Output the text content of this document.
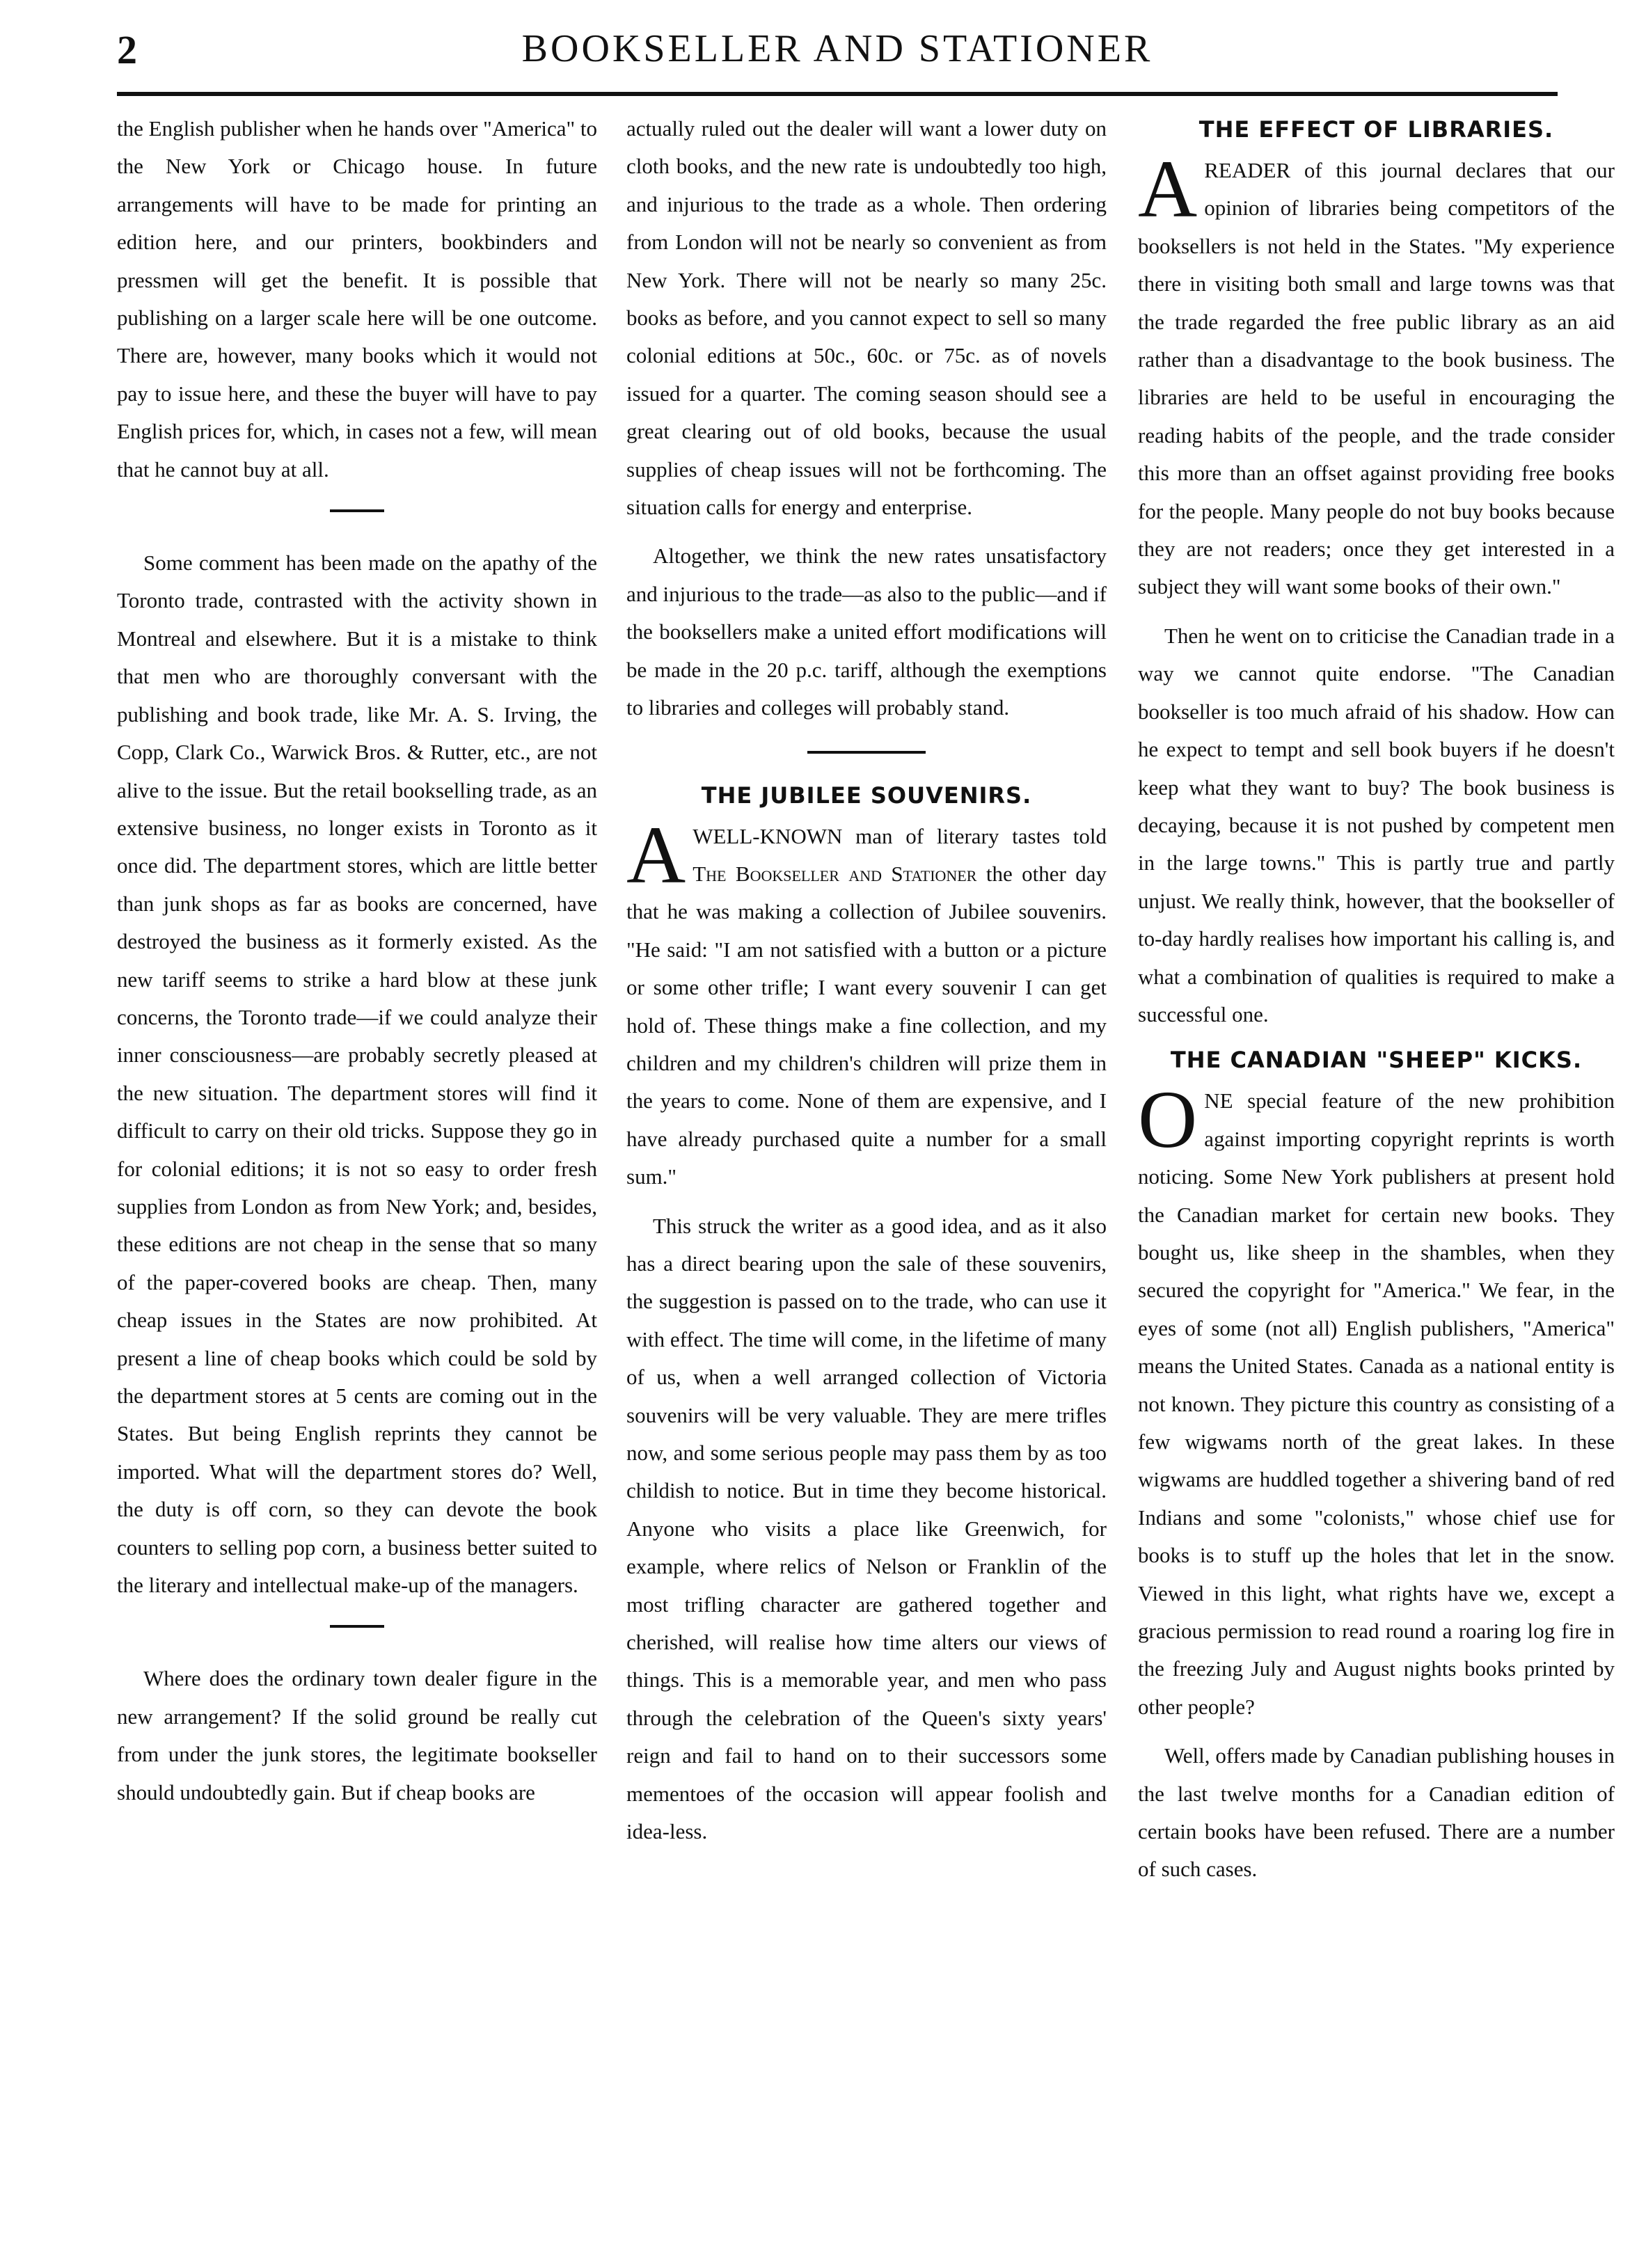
2	BOOKSELLER AND STATIONER

the English publisher when he hands over "America" to the New York or Chicago house. In future arrangements will have to be made for printing an edition here, and our printers, bookbinders and pressmen will get the benefit. It is possible that publishing on a larger scale here will be one outcome. There are, however, many books which it would not pay to issue here, and these the buyer will have to pay English prices for, which, in cases not a few, will mean that he cannot buy at all.

Some comment has been made on the apathy of the Toronto trade, contrasted with the activity shown in Montreal and elsewhere. But it is a mistake to think that men who are thoroughly conversant with the publishing and book trade, like Mr. A. S. Irving, the Copp, Clark Co., Warwick Bros. & Rutter, etc., are not alive to the issue. But the retail bookselling trade, as an extensive business, no longer exists in Toronto as it once did. The department stores, which are little better than junk shops as far as books are concerned, have destroyed the business as it formerly existed. As the new tariff seems to strike a hard blow at these junk concerns, the Toronto trade—if we could analyze their inner consciousness—are probably secretly pleased at the new situation. The department stores will find it difficult to carry on their old tricks. Suppose they go in for colonial editions; it is not so easy to order fresh supplies from London as from New York; and, besides, these editions are not cheap in the sense that so many of the paper-covered books are cheap. Then, many cheap issues in the States are now prohibited. At present a line of cheap books which could be sold by the department stores at 5 cents are coming out in the States. But being English reprints they cannot be imported. What will the department stores do? Well, the duty is off corn, so they can devote the book counters to selling pop corn, a business better suited to the literary and intellectual make-up of the managers.

Where does the ordinary town dealer figure in the new arrangement? If the solid ground be really cut from under the junk stores, the legitimate bookseller should undoubtedly gain. But if cheap books are

actually ruled out the dealer will want a lower duty on cloth books, and the new rate is undoubtedly too high, and injurious to the trade as a whole. Then ordering from London will not be nearly so convenient as from New York. There will not be nearly so many 25c. books as before, and you cannot expect to sell so many colonial editions at 50c., 60c. or 75c. as of novels issued for a quarter. The coming season should see a great clearing out of old books, because the usual supplies of cheap issues will not be forthcoming. The situation calls for energy and enterprise.

Altogether, we think the new rates unsatisfactory and injurious to the trade—as also to the public—and if the booksellers make a united effort modifications will be made in the 20 p.c. tariff, although the exemptions to libraries and colleges will probably stand.

THE JUBILEE SOUVENIRS.

AWELL-KNOWN man of literary tastes told The Bookseller and Stationer the other day that he was making a collection of Jubilee souvenirs. "He said: "I am not satisfied with a button or a picture or some other trifle; I want every souvenir I can get hold of. These things make a fine collection, and my children and my children's children will prize them in the years to come. None of them are expensive, and I have already purchased quite a number for a small sum."

This struck the writer as a good idea, and as it also has a direct bearing upon the sale of these souvenirs, the suggestion is passed on to the trade, who can use it with effect. The time will come, in the lifetime of many of us, when a well arranged collection of Victoria souvenirs will be very valuable. They are mere trifles now, and some serious people may pass them by as too childish to notice. But in time they become historical. Anyone who visits a place like Greenwich, for example, where relics of Nelson or Franklin of the most trifling character are gathered together and cherished, will realise how time alters our views of things. This is a memorable year, and men who pass through the celebration of the Queen's sixty years' reign and fail to hand on to their successors some mementoes of the occasion will appear foolish and idea-less.

THE EFFECT OF LIBRARIES.

AREADER of this journal declares that our opinion of libraries being competitors of the booksellers is not held in the States. "My experience there in visiting both small and large towns was that the trade regarded the free public library as an aid rather than a disadvantage to the book business. The libraries are held to be useful in encouraging the reading habits of the people, and the trade consider this more than an offset against providing free books for the people. Many people do not buy books because they are not readers; once they get interested in a subject they will want some books of their own."

Then he went on to criticise the Canadian trade in a way we cannot quite endorse. "The Canadian bookseller is too much afraid of his shadow. How can he expect to tempt and sell book buyers if he doesn't keep what they want to buy? The book business is decaying, because it is not pushed by competent men in the large towns." This is partly true and partly unjust. We really think, however, that the bookseller of to-day hardly realises how important his calling is, and what a combination of qualities is required to make a successful one.

THE CANADIAN "SHEEP" KICKS.

ONE special feature of the new prohibition against importing copyright reprints is worth noticing. Some New York publishers at present hold the Canadian market for certain new books. They bought us, like sheep in the shambles, when they secured the copyright for "America." We fear, in the eyes of some (not all) English publishers, "America" means the United States. Canada as a national entity is not known. They picture this country as consisting of a few wigwams north of the great lakes. In these wigwams are huddled together a shivering band of red Indians and some "colonists," whose chief use for books is to stuff up the holes that let in the snow. Viewed in this light, what rights have we, except a gracious permission to read round a roaring log fire in the freezing July and August nights books printed by other people?

Well, offers made by Canadian publishing houses in the last twelve months for a Canadian edition of certain books have been refused. There are a number of such cases.
